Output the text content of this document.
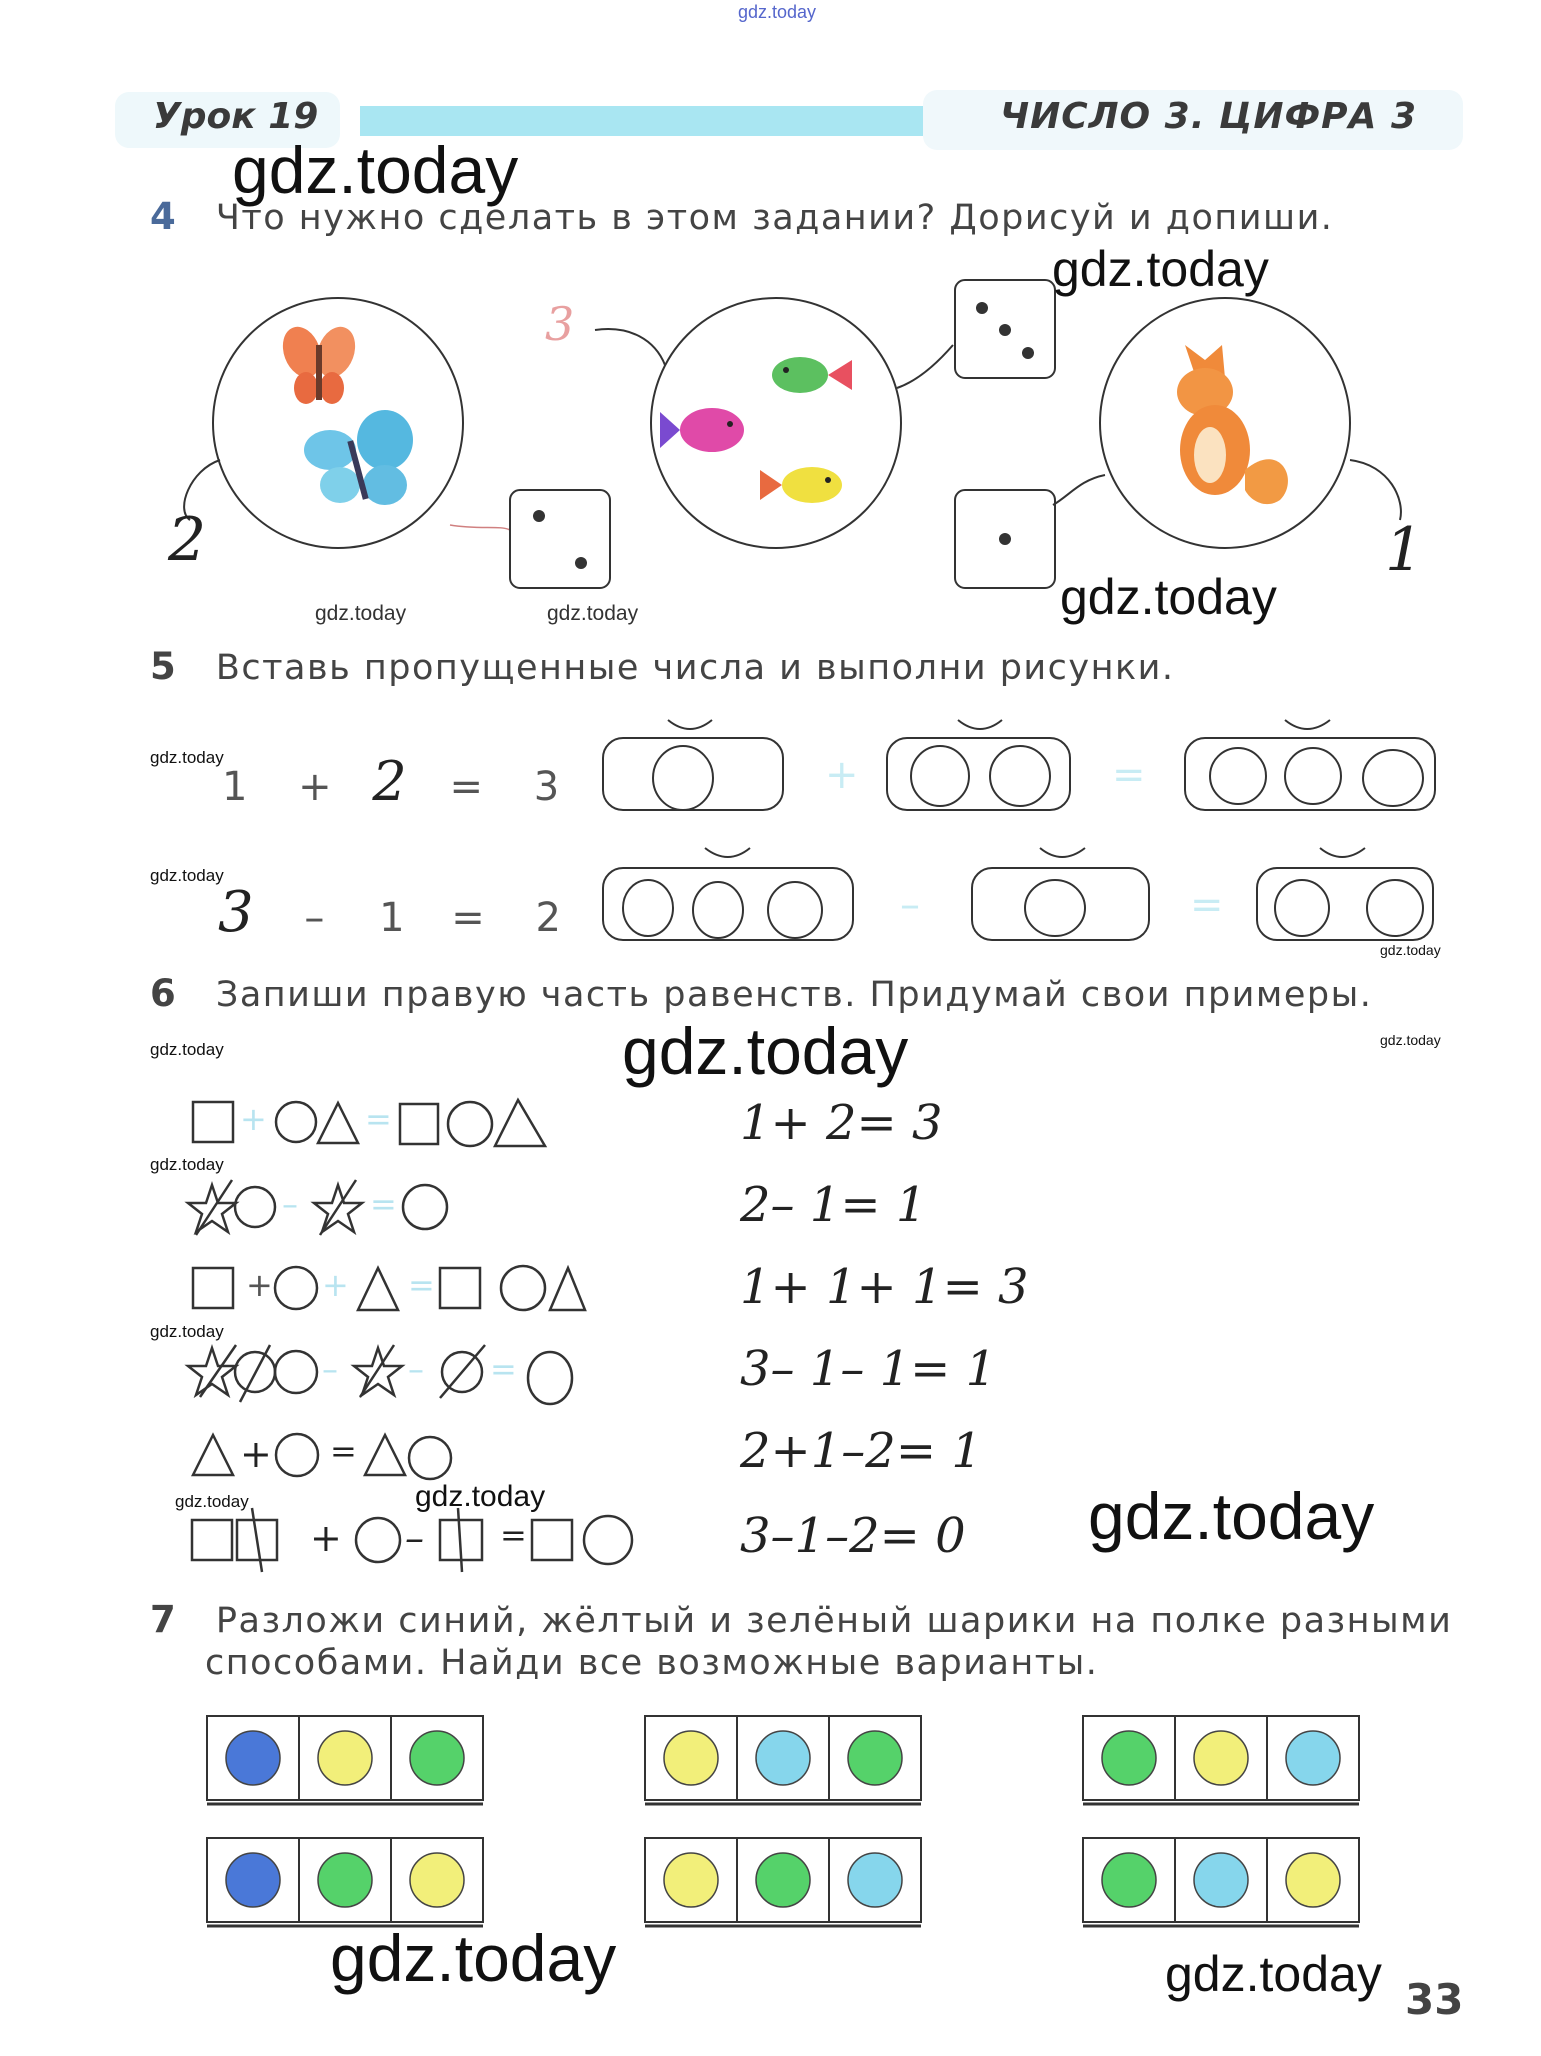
gdz.today
Урок 19	ЧИСЛО 3. ЦИФРА 3
4 Что нужно сделать в этом задании? Дорисуй и допиши.
2
3
1
5 Вставь пропущенные числа и выполни рисунки.
1 + 2 = 3
3 – 1 = 2
+	=
–	=
6 Запиши правую часть равенств. Придумай свои примеры.
+	=
– =
+ + =
– – =
+ =
+ – =
1+ 2= 3
2– 1= 1
1+ 1+ 1= 3
3– 1– 1= 1
2+1–2= 1
3–1–2= 0
7 Разложи синий, жёлтый и зелёный шарики на полке разными
способами. Найди все возможные варианты.
33
gdz.today
gdz.today
gdz.today
gdz.today	gdz.today
gdz.today
gdz.today
gdz.today
gdz.today	gdz.today
gdz.today
gdz.today
gdz.today
gdz.today	gdz.today	gdz.today
gdz.today	gdz.today
